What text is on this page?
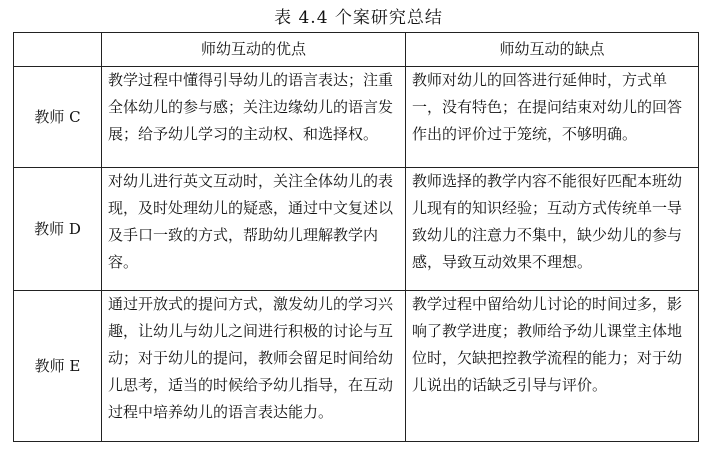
表 4.4 个案研究总结
	师幼互动的优点	师幼互动的缺点
教师 C	教学过程中懂得引导幼儿的语言表达；注重全体幼儿的参与感；关注边缘幼儿的语言发展；给予幼儿学习的主动权、和选择权。	教师对幼儿的回答进行延伸时，方式单一，没有特色；在提问结束对幼儿的回答作出的评价过于笼统，不够明确。
教师 D	对幼儿进行英文互动时，关注全体幼儿的表现，及时处理幼儿的疑惑，通过中文复述以及手口一致的方式，帮助幼儿理解教学内容。	教师选择的教学内容不能很好匹配本班幼儿现有的知识经验；互动方式传统单一导致幼儿的注意力不集中，缺少幼儿的参与感，导致互动效果不理想。
教师 E	通过开放式的提问方式，激发幼儿的学习兴趣，让幼儿与幼儿之间进行积极的讨论与互动；对于幼儿的提问，教师会留足时间给幼儿思考，适当的时候给予幼儿指导，在互动过程中培养幼儿的语言表达能力。	教学过程中留给幼儿讨论的时间过多，影响了教学进度；教师给予幼儿课堂主体地位时，欠缺把控教学流程的能力；对于幼儿说出的话缺乏引导与评价。
